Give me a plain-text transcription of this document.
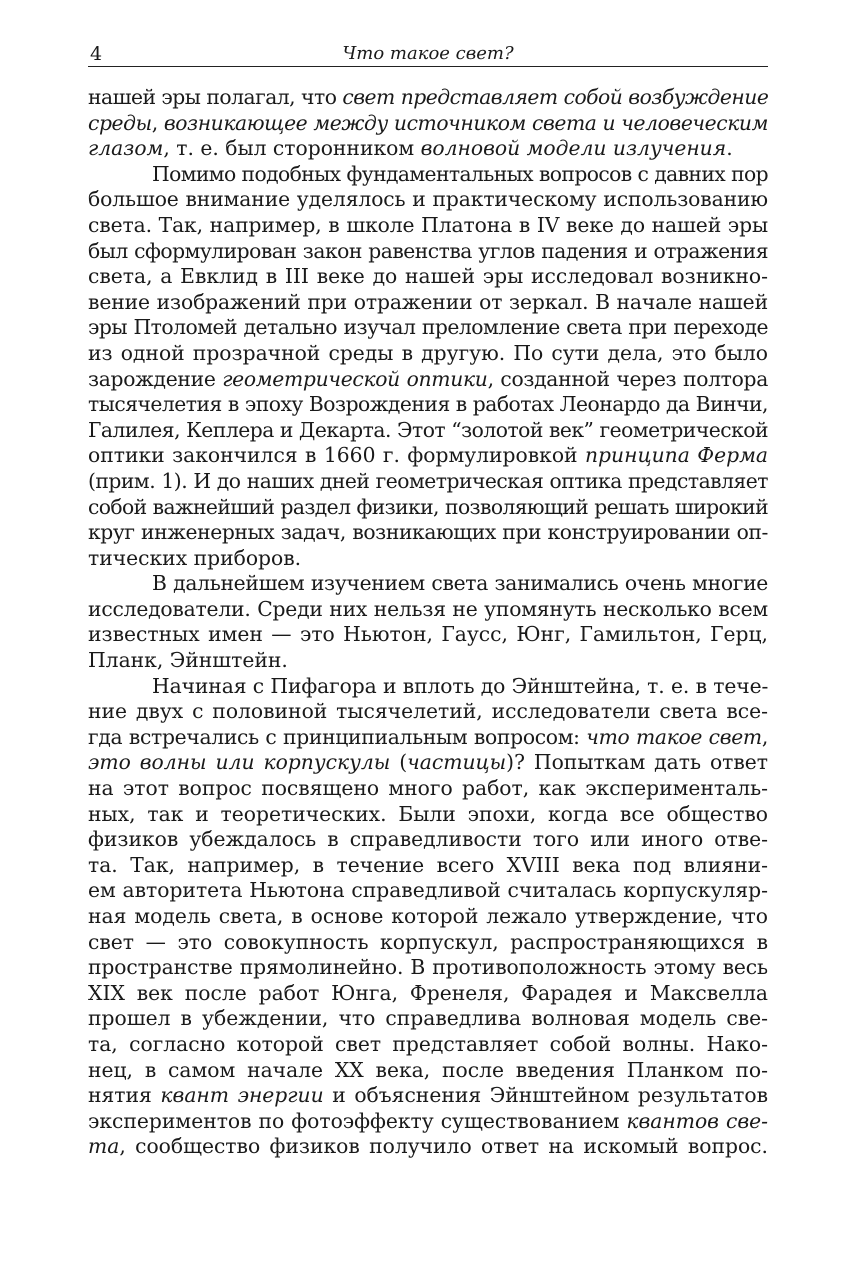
4	Что такое свет?
нашей эры полагал, что свет представляет собой возбуждение
среды, возникающее между источником света и человеческим
глазом, т. е. был сторонником волновой модели излучения.
Помимо подобных фундаментальных вопросов с давних пор
большое внимание уделялось и практическому использованию
света. Так, например, в школе Платона в IV веке до нашей эры
был сформулирован закон равенства углов падения и отражения
света, а Евклид в III веке до нашей эры исследовал возникно-
вение изображений при отражении от зеркал. В начале нашей
эры Птоломей детально изучал преломление света при переходе
из одной прозрачной среды в другую. По сути дела, это было
зарождение геометрической оптики, созданной через полтора
тысячелетия в эпоху Возрождения в работах Леонардо да Винчи,
Галилея, Кеплера и Декарта. Этот “золотой век” геометрической
оптики закончился в 1660 г. формулировкой принципа Ферма
(прим. 1). И до наших дней геометрическая оптика представляет
собой важнейший раздел физики, позволяющий решать широкий
круг инженерных задач, возникающих при конструировании оп-
тических приборов.
В дальнейшем изучением света занимались очень многие
исследователи. Среди них нельзя не упомянуть несколько всем
известных имен — это Ньютон, Гаусс, Юнг, Гамильтон, Герц,
Планк, Эйнштейн.
Начиная с Пифагора и вплоть до Эйнштейна, т. е. в тече-
ние двух с половиной тысячелетий, исследователи света все-
гда встречались с принципиальным вопросом: что такое свет,
это волны или корпускулы (частицы)? Попыткам дать ответ
на этот вопрос посвящено много работ, как эксперименталь-
ных, так и теоретических. Были эпохи, когда все общество
физиков убеждалось в справедливости того или иного отве-
та. Так, например, в течение всего XVIII века под влияни-
ем авторитета Ньютона справедливой считалась корпускуляр-
ная модель света, в основе которой лежало утверждение, что
свет — это совокупность корпускул, распространяющихся в
пространстве прямолинейно. В противоположность этому весь
XIX век после работ Юнга, Френеля, Фарадея и Максвелла
прошел в убеждении, что справедлива волновая модель све-
та, согласно которой свет представляет собой волны. Нако-
нец, в самом начале XX века, после введения Планком по-
нятия квант энергии и объяснения Эйнштейном результатов
экспериментов по фотоэффекту существованием квантов све-
та, сообщество физиков получило ответ на искомый вопрос.
